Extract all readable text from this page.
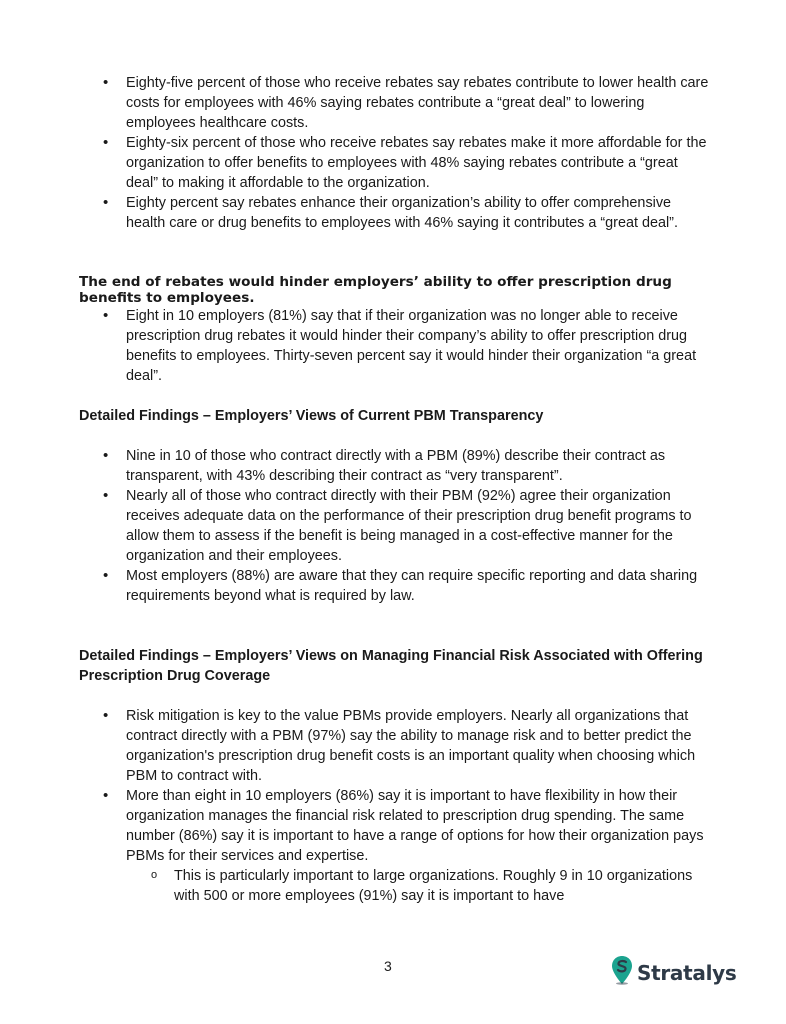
• Eighty-five percent of those who receive rebates say rebates contribute to lower health care costs for employees with 46% saying rebates contribute a “great deal” to lowering employees healthcare costs.
• Eighty-six percent of those who receive rebates say rebates make it more affordable for the organization to offer benefits to employees with 48% saying rebates contribute a “great deal” to making it affordable to the organization.
• Eighty percent say rebates enhance their organization’s ability to offer comprehensive health care or drug benefits to employees with 46% saying it contributes a “great deal”.

The end of rebates would hinder employers’ ability to offer prescription drug benefits to employees.

• Eight in 10 employers (81%) say that if their organization was no longer able to receive prescription drug rebates it would hinder their company’s ability to offer prescription drug benefits to employees. Thirty-seven percent say it would hinder their organization “a great deal”.

Detailed Findings – Employers’ Views of Current PBM Transparency

• Nine in 10 of those who contract directly with a PBM (89%) describe their contract as transparent, with 43% describing their contract as “very transparent”.
• Nearly all of those who contract directly with their PBM (92%) agree their organization receives adequate data on the performance of their prescription drug benefit programs to allow them to assess if the benefit is being managed in a cost-effective manner for the organization and their employees.
• Most employers (88%) are aware that they can require specific reporting and data sharing requirements beyond what is required by law.

Detailed Findings – Employers’ Views on Managing Financial Risk Associated with Offering Prescription Drug Coverage

• Risk mitigation is key to the value PBMs provide employers. Nearly all organizations that contract directly with a PBM (97%) say the ability to manage risk and to better predict the organization's prescription drug benefit costs is an important quality when choosing which PBM to contract with.
• More than eight in 10 employers (86%) say it is important to have flexibility in how their organization manages the financial risk related to prescription drug spending. The same number (86%) say it is important to have a range of options for how their organization pays PBMs for their services and expertise.
o This is particularly important to large organizations. Roughly 9 in 10 organizations with 500 or more employees (91%) say it is important to have
3	Stratalys
